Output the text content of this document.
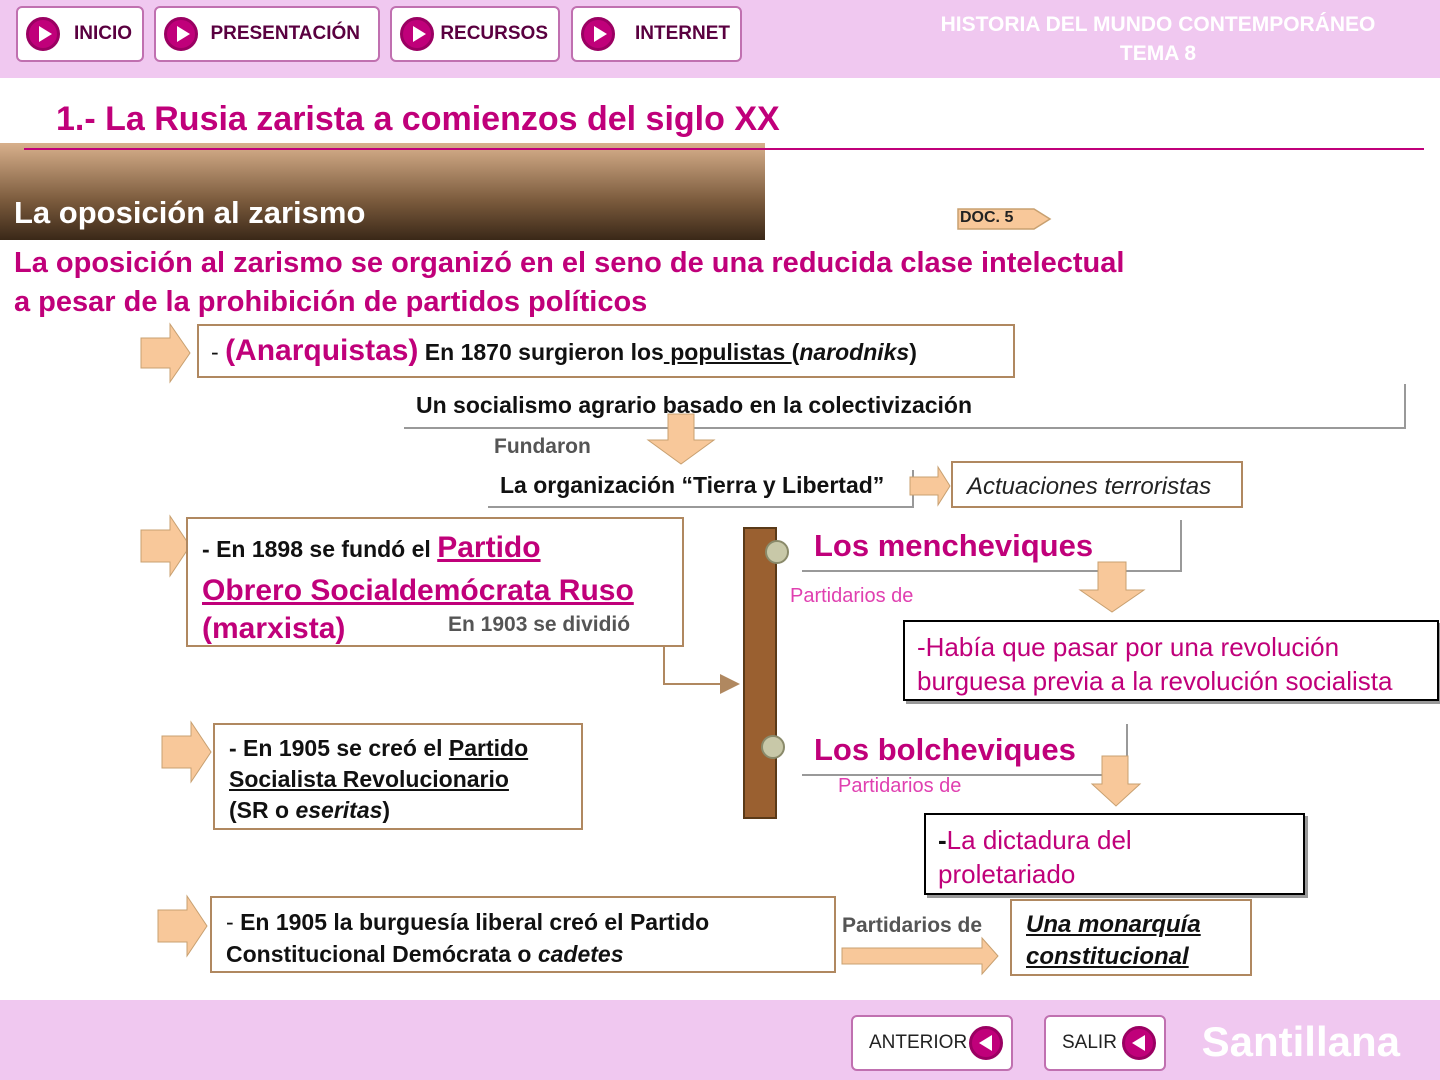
INICIO	PRESENTACIÓN	RECURSOS	INTERNET	HISTORIA DEL MUNDO CONTEMPORÁNEO
TEMA 8
1.- La Rusia zarista a comienzos del siglo XX
La oposición al zarismo	DOC. 5
La oposición al zarismo se organizó en el seno de una reducida clase intelectual
a pesar de la prohibición de partidos políticos
- (Anarquistas) En 1870 surgieron los populistas (narodniks)
Un socialismo agrario basado en la colectivización
Fundaron
La organización “Tierra y Libertad”	Actuaciones terroristas
- En 1898 se fundó el Partido
Obrero Socialdemócrata Ruso
(marxista)	En 1903 se dividió
Los mencheviques
Partidarios de
-Había que pasar por una revolución
burguesa previa a la revolución socialista
Los bolcheviques
Partidarios de
-La dictadura del
proletariado
- En 1905 se creó el Partido
Socialista Revolucionario
(SR o eseritas)
- En 1905 la burguesía liberal creó el Partido
Constitucional Demócrata o cadetes
Partidarios de Una monarquía
constitucional
ANTERIOR	SALIR Santillana
